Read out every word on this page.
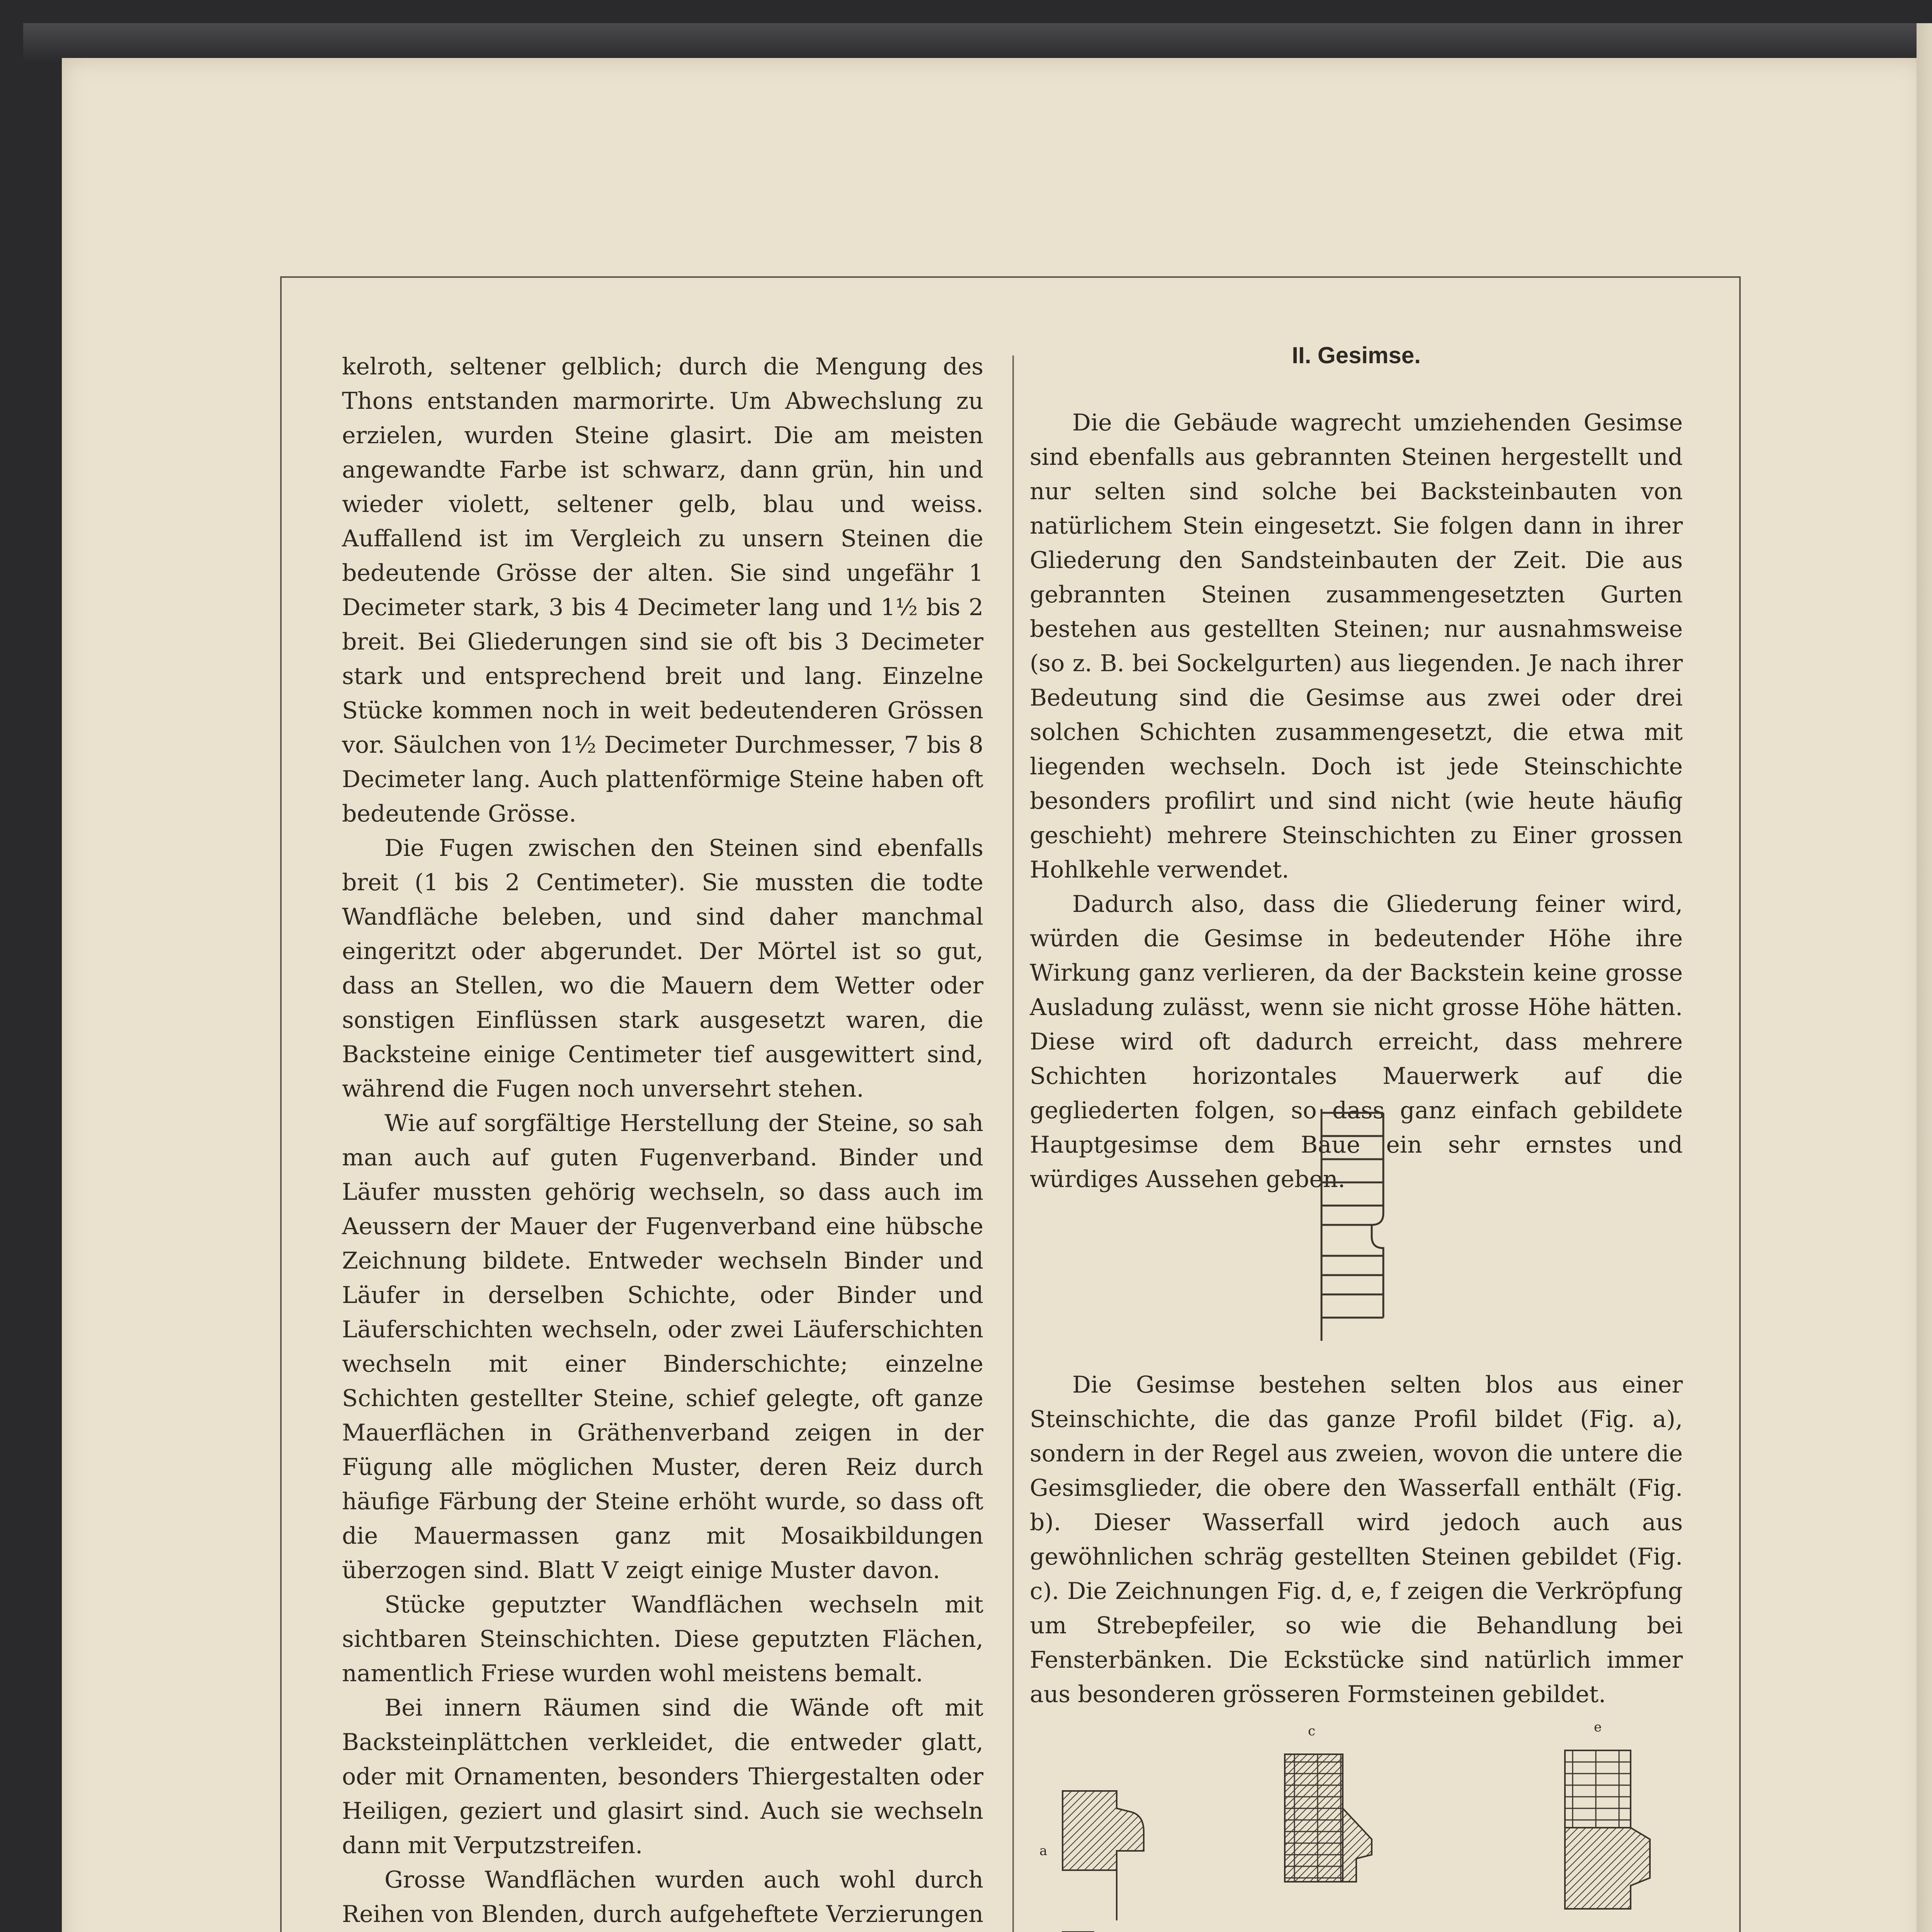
kelroth, seltener gelblich; durch die Mengung des Thons entstanden marmorirte. Um Abwechslung zu erzielen, wurden Steine glasirt. Die am meisten angewandte Farbe ist schwarz, dann grün, hin und wieder violett, seltener gelb, blau und weiss. Auffallend ist im Vergleich zu unsern Steinen die bedeutende Grösse der alten. Sie sind ungefähr 1 Decimeter stark, 3 bis 4 Decimeter lang und 1½ bis 2 breit. Bei Gliederungen sind sie oft bis 3 Decimeter stark und entsprechend breit und lang. Einzelne Stücke kommen noch in weit bedeutenderen Grössen vor. Säulchen von 1½ Decimeter Durchmesser, 7 bis 8 Decimeter lang. Auch plattenförmige Steine haben oft bedeutende Grösse.

Die Fugen zwischen den Steinen sind ebenfalls breit (1 bis 2 Centimeter). Sie mussten die todte Wandfläche beleben, und sind daher manchmal eingeritzt oder abgerundet. Der Mörtel ist so gut, dass an Stellen, wo die Mauern dem Wetter oder sonstigen Einflüssen stark ausgesetzt waren, die Backsteine einige Centimeter tief ausgewittert sind, während die Fugen noch unversehrt stehen.

Wie auf sorgfältige Herstellung der Steine, so sah man auch auf guten Fugenverband. Binder und Läufer mussten gehörig wechseln, so dass auch im Aeussern der Mauer der Fugenverband eine hübsche Zeichnung bildete. Entweder wechseln Binder und Läufer in derselben Schichte, oder Binder und Läuferschichten wechseln, oder zwei Läuferschichten wechseln mit einer Binderschichte; einzelne Schichten gestellter Steine, schief gelegte, oft ganze Mauerflächen in Gräthenverband zeigen in der Fügung alle möglichen Muster, deren Reiz durch häufige Färbung der Steine erhöht wurde, so dass oft die Mauermassen ganz mit Mosaikbildungen überzogen sind. Blatt V zeigt einige Muster davon.

Stücke geputzter Wandflächen wechseln mit sichtbaren Steinschichten. Diese geputzten Flächen, namentlich Friese wurden wohl meistens bemalt.

Bei innern Räumen sind die Wände oft mit Backsteinplättchen verkleidet, die entweder glatt, oder mit Ornamenten, besonders Thiergestalten oder Heiligen, geziert und glasirt sind. Auch sie wechseln dann mit Verputzstreifen.

Grosse Wandflächen wurden auch wohl durch Reihen von Blenden, durch aufgeheftete Verzierungen

II. Gesimse.

Die die Gebäude wagrecht umziehenden Gesimse sind ebenfalls aus gebrannten Steinen hergestellt und nur selten sind solche bei Backsteinbauten von natürlichem Stein eingesetzt. Sie folgen dann in ihrer Gliederung den Sandsteinbauten der Zeit. Die aus gebrannten Steinen zusammengesetzten Gurten bestehen aus gestellten Steinen; nur ausnahmsweise (so z. B. bei Sockelgurten) aus liegenden. Je nach ihrer Bedeutung sind die Gesimse aus zwei oder drei solchen Schichten zusammengesetzt, die etwa mit liegenden wechseln. Doch ist jede Steinschichte besonders profilirt und sind nicht (wie heute häufig geschieht) mehrere Steinschichten zu Einer grossen Hohlkehle verwendet.

Dadurch also, dass die Gliederung feiner wird, würden die Gesimse in bedeutender Höhe ihre Wirkung ganz verlieren, da der Backstein keine grosse Ausladung zulässt, wenn sie nicht grosse Höhe hätten. Diese wird oft dadurch erreicht, dass mehrere Schichten horizontales Mauerwerk auf die gegliederten folgen, so dass ganz einfach gebildete Hauptgesimse dem Baue ein sehr ernstes und würdiges Aussehen geben.

Die Gesimse bestehen selten blos aus einer Steinschichte, die das ganze Profil bildet (Fig. a), sondern in der Regel aus zweien, wovon die untere die Gesimsglieder, die obere den Wasserfall enthält (Fig. b). Dieser Wasserfall wird jedoch auch aus gewöhnlichen schräg gestellten Steinen gebildet (Fig. c). Die Zeichnungen Fig. d, e, f zeigen die Verkröpfung um Strebepfeiler, so wie die Behandlung bei Fensterbänken. Die Eckstücke sind natürlich immer aus besonderen grösseren Formsteinen gebildet.

a
c	e
